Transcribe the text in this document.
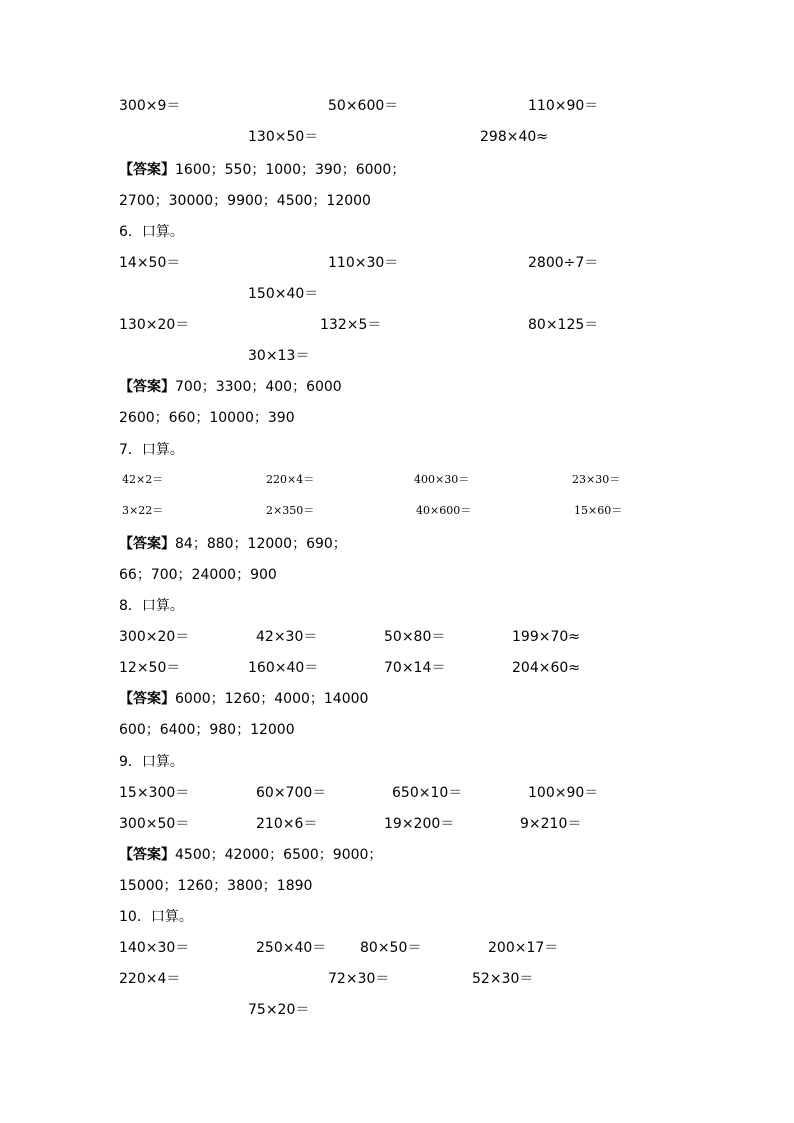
300×9＝	50×600＝	110×90＝
130×50＝	298×40≈
【答案】1600；550；1000；390；6000；
2700；30000；9900；4500；12000
6．口算。
14×50＝	110×30＝	2800÷7＝
150×40＝
130×20＝	132×5＝	80×125＝
30×13＝
【答案】700；3300；400；6000
2600；660；10000；390
7．口算。
42×2＝	220×4＝	400×30＝	23×30＝
3×22＝	2×350＝	40×600＝	15×60＝
【答案】84；880；12000；690；
66；700；24000；900
8．口算。
300×20＝	42×30＝	50×80＝	199×70≈
12×50＝	160×40＝	70×14＝	204×60≈
【答案】6000；1260；4000；14000
600；6400；980；12000
9．口算。
15×300＝	60×700＝	650×10＝	100×90＝
300×50＝	210×6＝	19×200＝	9×210＝
【答案】4500；42000；6500；9000；
15000；1260；3800；1890
10．口算。
140×30＝	250×40＝ 80×50＝	200×17＝
220×4＝	72×30＝	52×30＝
75×20＝
